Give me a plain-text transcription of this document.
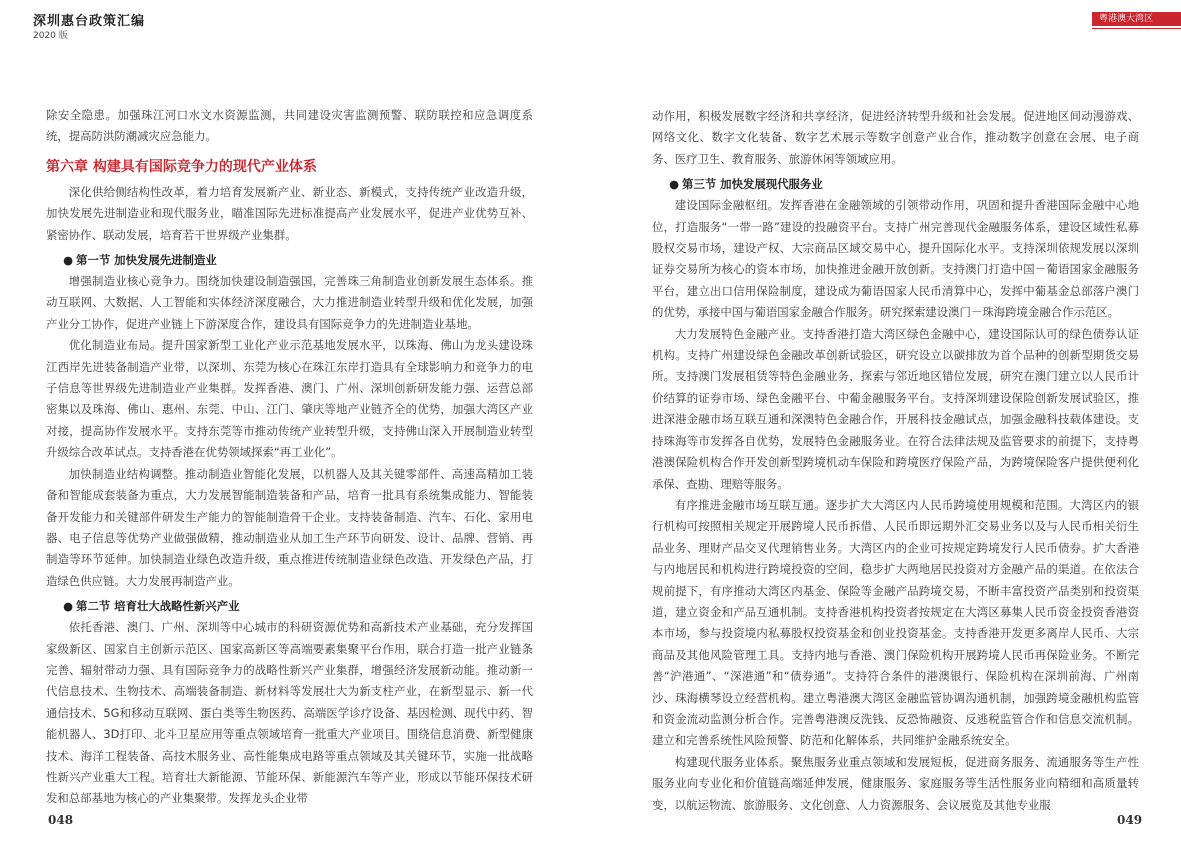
深圳惠台政策汇编
2020 版
粤港澳大湾区

除安全隐患。加强珠江河口水文水资源监测，共同建设灾害监测预警、联防联控和应急调度系统，提高防洪防潮减灾应急能力。

第六章 构建具有国际竞争力的现代产业体系

深化供给侧结构性改革，着力培育发展新产业、新业态、新模式，支持传统产业改造升级，加快发展先进制造业和现代服务业，瞄准国际先进标准提高产业发展水平，促进产业优势互补、紧密协作、联动发展，培育若干世界级产业集群。

● 第一节 加快发展先进制造业

增强制造业核心竞争力。围绕加快建设制造强国，完善珠三角制造业创新发展生态体系。推动互联网、大数据、人工智能和实体经济深度融合，大力推进制造业转型升级和优化发展，加强产业分工协作，促进产业链上下游深度合作，建设具有国际竞争力的先进制造业基地。

优化制造业布局。提升国家新型工业化产业示范基地发展水平，以珠海、佛山为龙头建设珠江西岸先进装备制造产业带，以深圳、东莞为核心在珠江东岸打造具有全球影响力和竞争力的电子信息等世界级先进制造业产业集群。发挥香港、澳门、广州、深圳创新研发能力强、运营总部密集以及珠海、佛山、惠州、东莞、中山、江门、肇庆等地产业链齐全的优势，加强大湾区产业对接，提高协作发展水平。支持东莞等市推动传统产业转型升级，支持佛山深入开展制造业转型升级综合改革试点。支持香港在优势领域探索“再工业化”。

加快制造业结构调整。推动制造业智能化发展，以机器人及其关键零部件、高速高精加工装备和智能成套装备为重点，大力发展智能制造装备和产品，培育一批具有系统集成能力、智能装备开发能力和关键部件研发生产能力的智能制造骨干企业。支持装备制造、汽车、石化、家用电器、电子信息等优势产业做强做精，推动制造业从加工生产环节向研发、设计、品牌、营销、再制造等环节延伸。加快制造业绿色改造升级，重点推进传统制造业绿色改造、开发绿色产品，打造绿色供应链。大力发展再制造产业。

● 第二节 培育壮大战略性新兴产业

依托香港、澳门、广州、深圳等中心城市的科研资源优势和高新技术产业基础，充分发挥国家级新区、国家自主创新示范区、国家高新区等高端要素集聚平台作用，联合打造一批产业链条完善、辐射带动力强、具有国际竞争力的战略性新兴产业集群，增强经济发展新动能。推动新一代信息技术、生物技术、高端装备制造、新材料等发展壮大为新支柱产业，在新型显示、新一代通信技术、5G和移动互联网、蛋白类等生物医药、高端医学诊疗设备、基因检测、现代中药、智能机器人、3D打印、北斗卫星应用等重点领域培育一批重大产业项目。围绕信息消费、新型健康技术、海洋工程装备、高技术服务业、高性能集成电路等重点领域及其关键环节，实施一批战略性新兴产业重大工程。培育壮大新能源、节能环保、新能源汽车等产业，形成以节能环保技术研发和总部基地为核心的产业集聚带。发挥龙头企业带

动作用，积极发展数字经济和共享经济，促进经济转型升级和社会发展。促进地区间动漫游戏、网络文化、数字文化装备、数字艺术展示等数字创意产业合作，推动数字创意在会展、电子商务、医疗卫生、教育服务、旅游休闲等领域应用。

● 第三节 加快发展现代服务业

建设国际金融枢纽。发挥香港在金融领域的引领带动作用，巩固和提升香港国际金融中心地位，打造服务“一带一路”建设的投融资平台。支持广州完善现代金融服务体系，建设区域性私募股权交易市场，建设产权、大宗商品区域交易中心，提升国际化水平。支持深圳依规发展以深圳证券交易所为核心的资本市场，加快推进金融开放创新。支持澳门打造中国－葡语国家金融服务平台，建立出口信用保险制度，建设成为葡语国家人民币清算中心，发挥中葡基金总部落户澳门的优势，承接中国与葡语国家金融合作服务。研究探索建设澳门－珠海跨境金融合作示范区。

大力发展特色金融产业。支持香港打造大湾区绿色金融中心，建设国际认可的绿色债券认证机构。支持广州建设绿色金融改革创新试验区，研究设立以碳排放为首个品种的创新型期货交易所。支持澳门发展租赁等特色金融业务，探索与邻近地区错位发展，研究在澳门建立以人民币计价结算的证券市场、绿色金融平台、中葡金融服务平台。支持深圳建设保险创新发展试验区，推进深港金融市场互联互通和深澳特色金融合作，开展科技金融试点，加强金融科技载体建设。支持珠海等市发挥各自优势，发展特色金融服务业。在符合法律法规及监管要求的前提下，支持粤港澳保险机构合作开发创新型跨境机动车保险和跨境医疗保险产品，为跨境保险客户提供便利化承保、查勘、理赔等服务。

有序推进金融市场互联互通。逐步扩大大湾区内人民币跨境使用规模和范围。大湾区内的银行机构可按照相关规定开展跨境人民币拆借、人民币即远期外汇交易业务以及与人民币相关衍生品业务、理财产品交叉代理销售业务。大湾区内的企业可按规定跨境发行人民币债券。扩大香港与内地居民和机构进行跨境投资的空间，稳步扩大两地居民投资对方金融产品的渠道。在依法合规前提下，有序推动大湾区内基金、保险等金融产品跨境交易，不断丰富投资产品类别和投资渠道，建立资金和产品互通机制。支持香港机构投资者按规定在大湾区募集人民币资金投资香港资本市场，参与投资境内私募股权投资基金和创业投资基金。支持香港开发更多离岸人民币、大宗商品及其他风险管理工具。支持内地与香港、澳门保险机构开展跨境人民币再保险业务。不断完善“沪港通”、“深港通”和“债券通”。支持符合条件的港澳银行、保险机构在深圳前海、广州南沙、珠海横琴设立经营机构。建立粤港澳大湾区金融监管协调沟通机制，加强跨境金融机构监管和资金流动监测分析合作。完善粤港澳反洗钱、反恐怖融资、反逃税监管合作和信息交流机制。建立和完善系统性风险预警、防范和化解体系，共同维护金融系统安全。

构建现代服务业体系。聚焦服务业重点领域和发展短板，促进商务服务、流通服务等生产性服务业向专业化和价值链高端延伸发展，健康服务、家庭服务等生活性服务业向精细和高质量转变，以航运物流、旅游服务、文化创意、人力资源服务、会议展览及其他专业服

048	049
